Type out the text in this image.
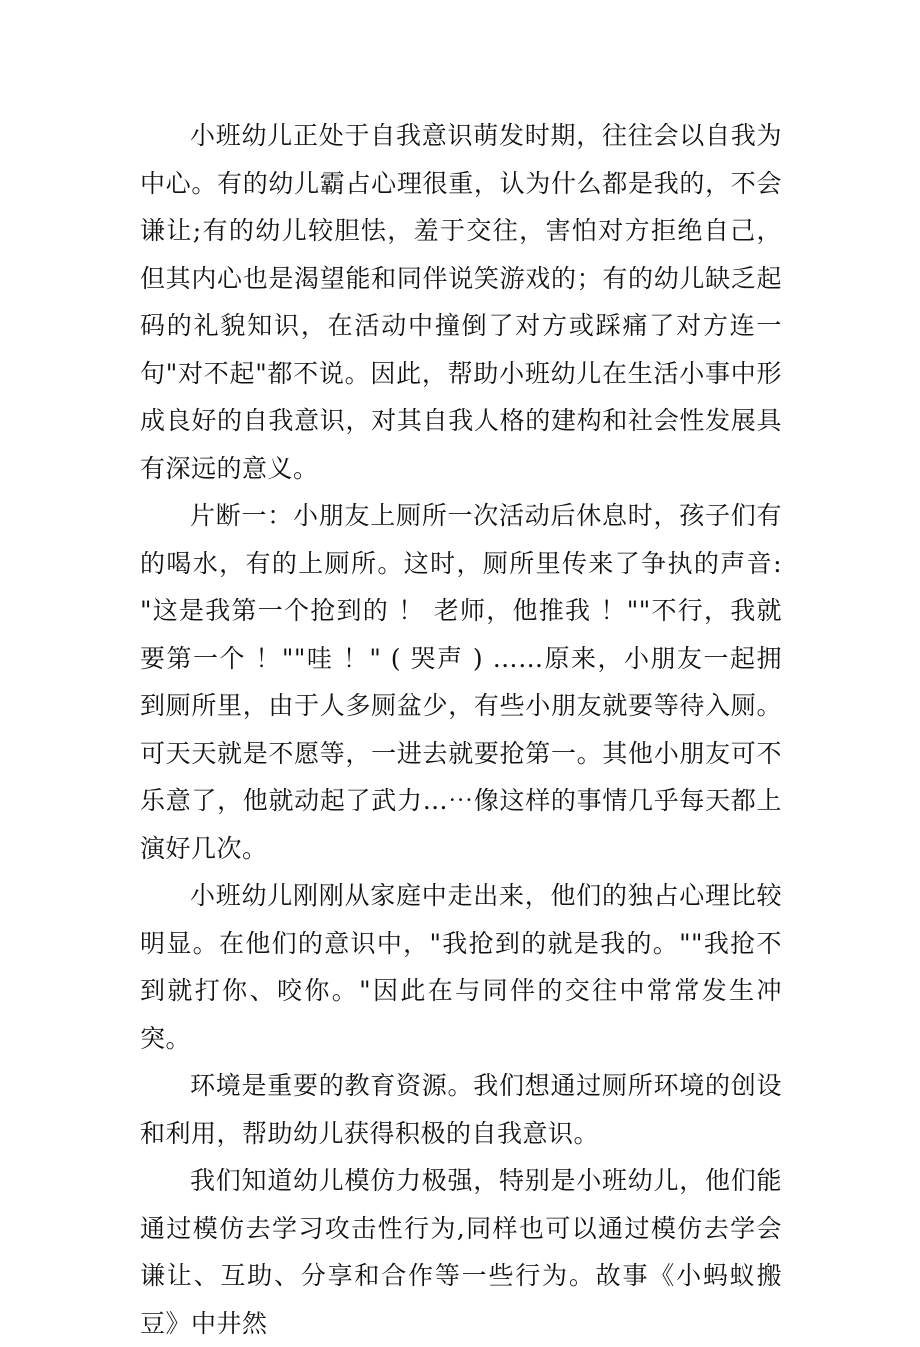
小班幼儿正处于自我意识萌发时期，往往会以自我为中心。有的幼儿霸占心理很重，认为什么都是我的，不会谦让;有的幼儿较胆怯，羞于交往，害怕对方拒绝自己，但其内心也是渴望能和同伴说笑游戏的；有的幼儿缺乏起码的礼貌知识，在活动中撞倒了对方或踩痛了对方连一句"对不起"都不说。因此，帮助小班幼儿在生活小事中形成良好的自我意识，对其自我人格的建构和社会性发展具有深远的意义。

片断一：小朋友上厕所一次活动后休息时，孩子们有的喝水，有的上厕所。这时，厕所里传来了争执的声音: "这是我第一个抢到的 ！ 老师，他推我 ！""不行，我就要第一个 ！""哇 ！" ( 哭声 ) ……原来，小朋友一起拥到厕所里，由于人多厕盆少，有些小朋友就要等待入厕。可天天就是不愿等，一进去就要抢第一。其他小朋友可不乐意了，他就动起了武力…⋯像这样的事情几乎每天都上演好几次。

小班幼儿刚刚从家庭中走出来，他们的独占心理比较明显。在他们的意识中，"我抢到的就是我的。""我抢不到就打你、咬你。"因此在与同伴的交往中常常发生冲突。

环境是重要的教育资源。我们想通过厕所环境的创设和利用，帮助幼儿获得积极的自我意识。

我们知道幼儿模仿力极强，特别是小班幼儿，他们能通过模仿去学习攻击性行为,同样也可以通过模仿去学会谦让、互助、分享和合作等一些行为。故事《小蚂蚁搬豆》中井然
